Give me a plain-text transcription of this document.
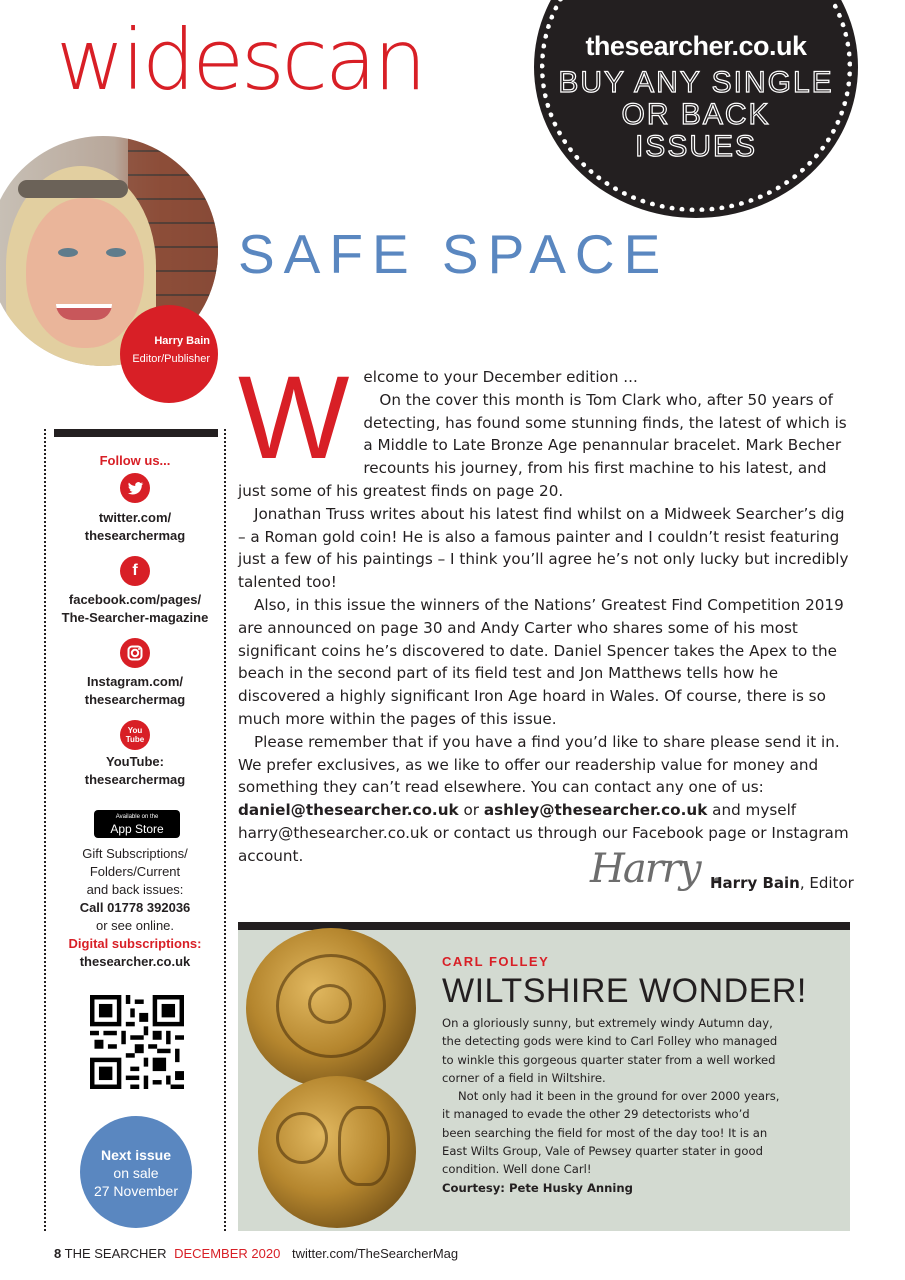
widescan	thesearcher.co.uk
BUY ANY SINGLE
OR BACK
ISSUES
Harry Bain
Editor/Publisher
SAFE SPACE
Follow us...
twitter.com/
thesearchermag
f
facebook.com/pages/
The-Searcher-magazine
Instagram.com/
thesearchermag
You Tube
YouTube:
thesearchermag
Available on the
App Store
Gift Subscriptions/
Folders/Current
and back issues:
Call 01778 392036
or see online.
Digital subscriptions:
thesearcher.co.uk
Next issue
on sale
27 November
W elcome to your December edition ...
On the cover this month is Tom Clark who, after 50 years of detecting, has found some stunning finds, the latest of which is a Middle to Late Bronze Age penannular bracelet. Mark Becher recounts his journey, from his first machine to his latest, and just some of his greatest finds on page 20.

Jonathan Truss writes about his latest find whilst on a Midweek Searcher’s dig – a Roman gold coin! He is also a famous painter and I couldn’t resist featuring just a few of his paintings – I think you’ll agree he’s not only lucky but incredibly talented too!

Also, in this issue the winners of the Nations’ Greatest Find Competition 2019 are announced on page 30 and Andy Carter who shares some of his most significant coins he’s discovered to date. Daniel Spencer takes the Apex to the beach in the second part of its field test and Jon Matthews tells how he discovered a highly significant Iron Age hoard in Wales. Of course, there is so much more within the pages of this issue.

Please remember that if you have a find you’d like to share please send it in. We prefer exclusives, as we like to offer our readership value for money and something they can’t read elsewhere. You can contact any one of us: daniel@thesearcher.co.uk or ashley@thesearcher.co.uk and myself harry@thesearcher.co.uk or contact us through our Facebook page or Instagram account.	Harry .
Harry Bain, Editor
CARL FOLLEY
WILTSHIRE WONDER!

On a gloriously sunny, but extremely windy Autumn day, the detecting gods were kind to Carl Folley who managed to winkle this gorgeous quarter stater from a well worked corner of a field in Wiltshire.

Not only had it been in the ground for over 2000 years, it managed to evade the other 29 detectorists who’d been searching the field for most of the day too! It is an East Wilts Group, Vale of Pewsey quarter stater in good condition. Well done Carl!

Courtesy: Pete Husky Anning

8 THE SEARCHER DECEMBER 2020 twitter.com/TheSearcherMag
